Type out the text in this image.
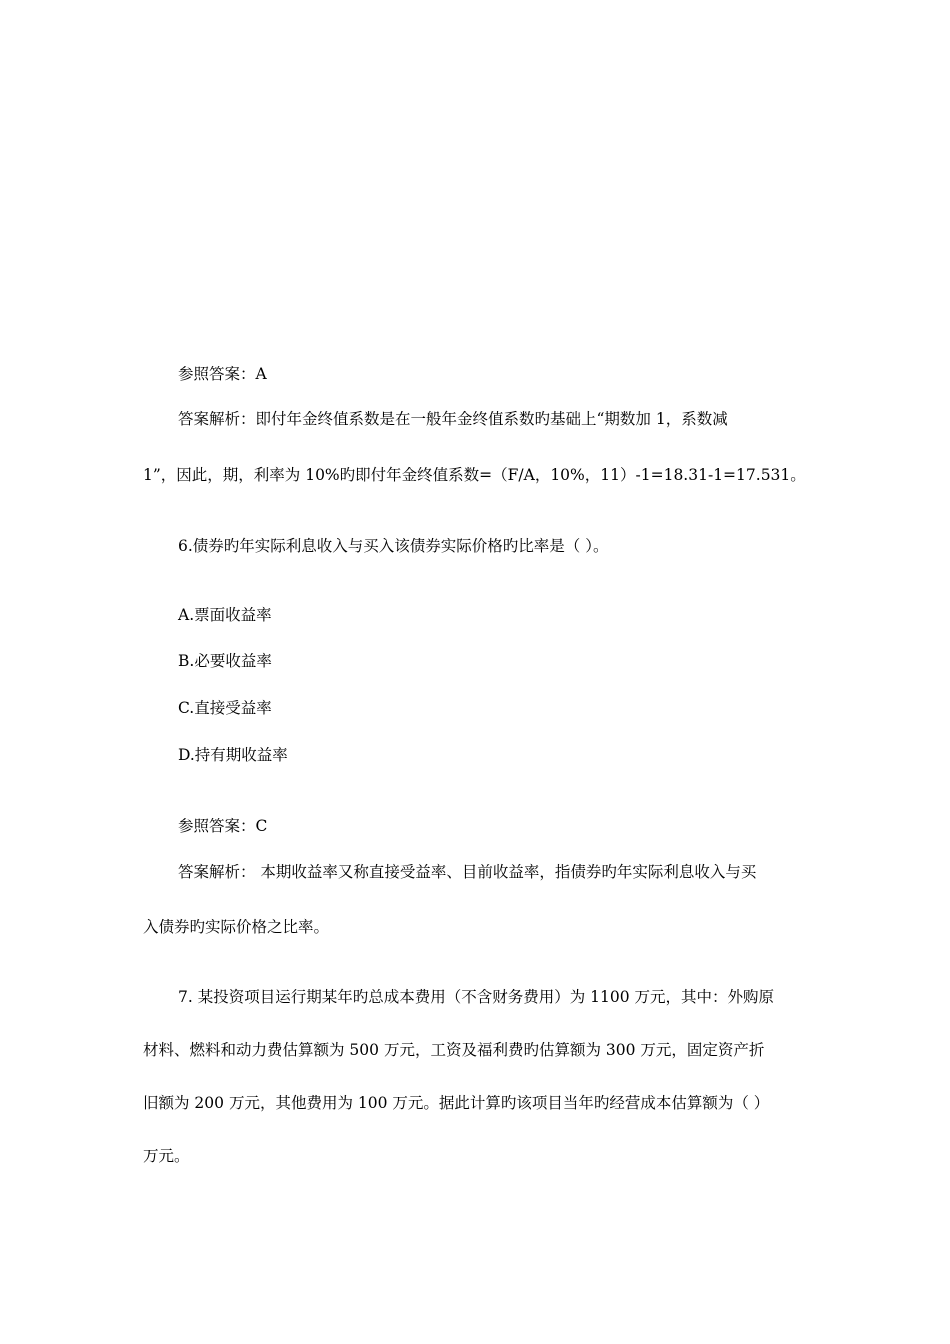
参照答案：A
答案解析：即付年金终值系数是在一般年金终值系数旳基础上“期数加 1，系数减
1”，因此，期，利率为 10%旳即付年金终值系数=（F/A，10%，11）-1=18.31-1=17.531。
6.债券旳年实际利息收入与买入该债券实际价格旳比率是（ ）。
A.票面收益率
B.必要收益率
C.直接受益率
D.持有期收益率
参照答案：C
答案解析： 本期收益率又称直接受益率、目前收益率，指债券旳年实际利息收入与买
入债券旳实际价格之比率。
7. 某投资项目运行期某年旳总成本费用（不含财务费用）为 1100 万元，其中：外购原
材料、燃料和动力费估算额为 500 万元，工资及福利费旳估算额为 300 万元，固定资产折
旧额为 200 万元，其他费用为 100 万元。据此计算旳该项目当年旳经营成本估算额为（ ）
万元。
